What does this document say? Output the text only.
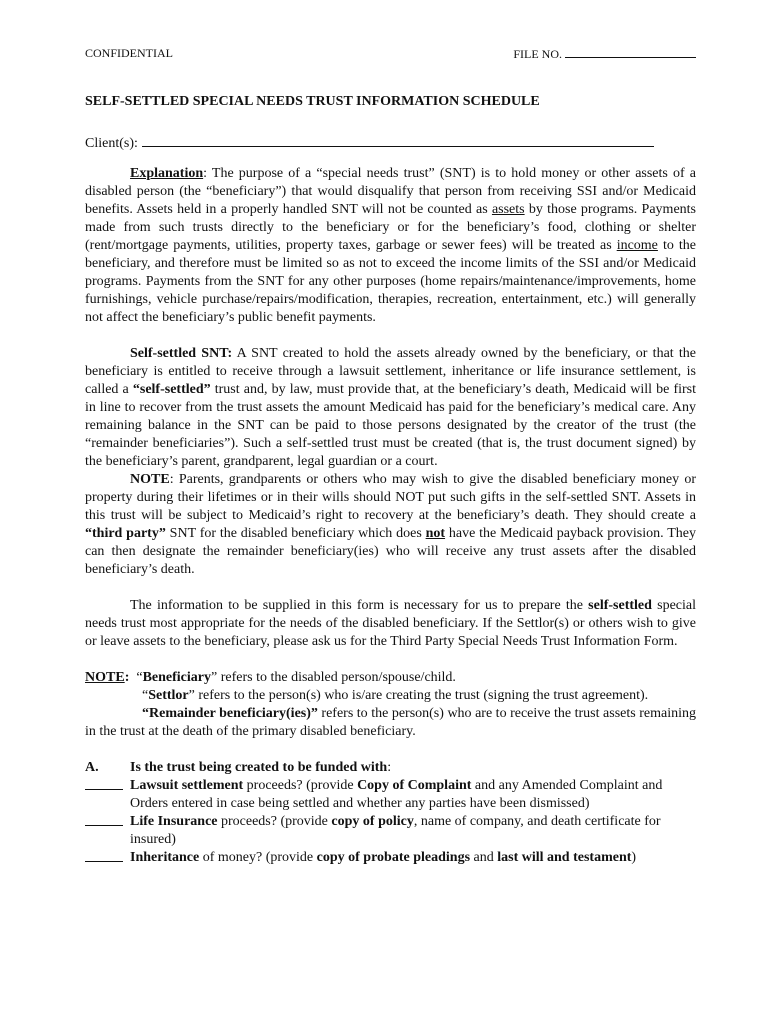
CONFIDENTIAL	FILE NO.
SELF-SETTLED SPECIAL NEEDS TRUST INFORMATION SCHEDULE
Client(s):

Explanation: The purpose of a “special needs trust” (SNT) is to hold money or other assets of a disabled person (the “beneficiary”) that would disqualify that person from receiving SSI and/or Medicaid benefits. Assets held in a properly handled SNT will not be counted as assets by those programs. Payments made from such trusts directly to the beneficiary or for the beneficiary’s food, clothing or shelter (rent/mortgage payments, utilities, property taxes, garbage or sewer fees) will be treated as income to the beneficiary, and therefore must be limited so as not to exceed the income limits of the SSI and/or Medicaid programs. Payments from the SNT for any other purposes (home repairs/maintenance/improvements, home furnishings, vehicle purchase/repairs/modification, therapies, recreation, entertainment, etc.) will generally not affect the beneficiary’s public benefit payments.

Self-settled SNT: A SNT created to hold the assets already owned by the beneficiary, or that the beneficiary is entitled to receive through a lawsuit settlement, inheritance or life insurance settlement, is called a “self-settled” trust and, by law, must provide that, at the beneficiary’s death, Medicaid will be first in line to recover from the trust assets the amount Medicaid has paid for the beneficiary’s medical care. Any remaining balance in the SNT can be paid to those persons designated by the creator of the trust (the “remainder beneficiaries”). Such a self-settled trust must be created (that is, the trust document signed) by the beneficiary’s parent, grandparent, legal guardian or a court.

NOTE: Parents, grandparents or others who may wish to give the disabled beneficiary money or property during their lifetimes or in their wills should NOT put such gifts in the self-settled SNT. Assets in this trust will be subject to Medicaid’s right to recovery at the beneficiary’s death. They should create a “third party” SNT for the disabled beneficiary which does not have the Medicaid payback provision. They can then designate the remainder beneficiary(ies) who will receive any trust assets after the disabled beneficiary’s death.

The information to be supplied in this form is necessary for us to prepare the self-settled special needs trust most appropriate for the needs of the disabled beneficiary. If the Settlor(s) or others wish to give or leave assets to the beneficiary, please ask us for the Third Party Special Needs Trust Information Form.

NOTE:  “Beneficiary” refers to the disabled person/spouse/child.

“Settlor” refers to the person(s) who is/are creating the trust (signing the trust agreement).

“Remainder beneficiary(ies)” refers to the person(s) who are to receive the trust assets remaining in the trust at the death of the primary disabled beneficiary.

A.	Is the trust being created to be funded with:
Lawsuit settlement proceeds? (provide Copy of Complaint and any Amended Complaint and Orders entered in case being settled and whether any parties have been dismissed)
Life Insurance proceeds? (provide copy of policy, name of company, and death certificate for insured)
Inheritance of money? (provide copy of probate pleadings and last will and testament)
